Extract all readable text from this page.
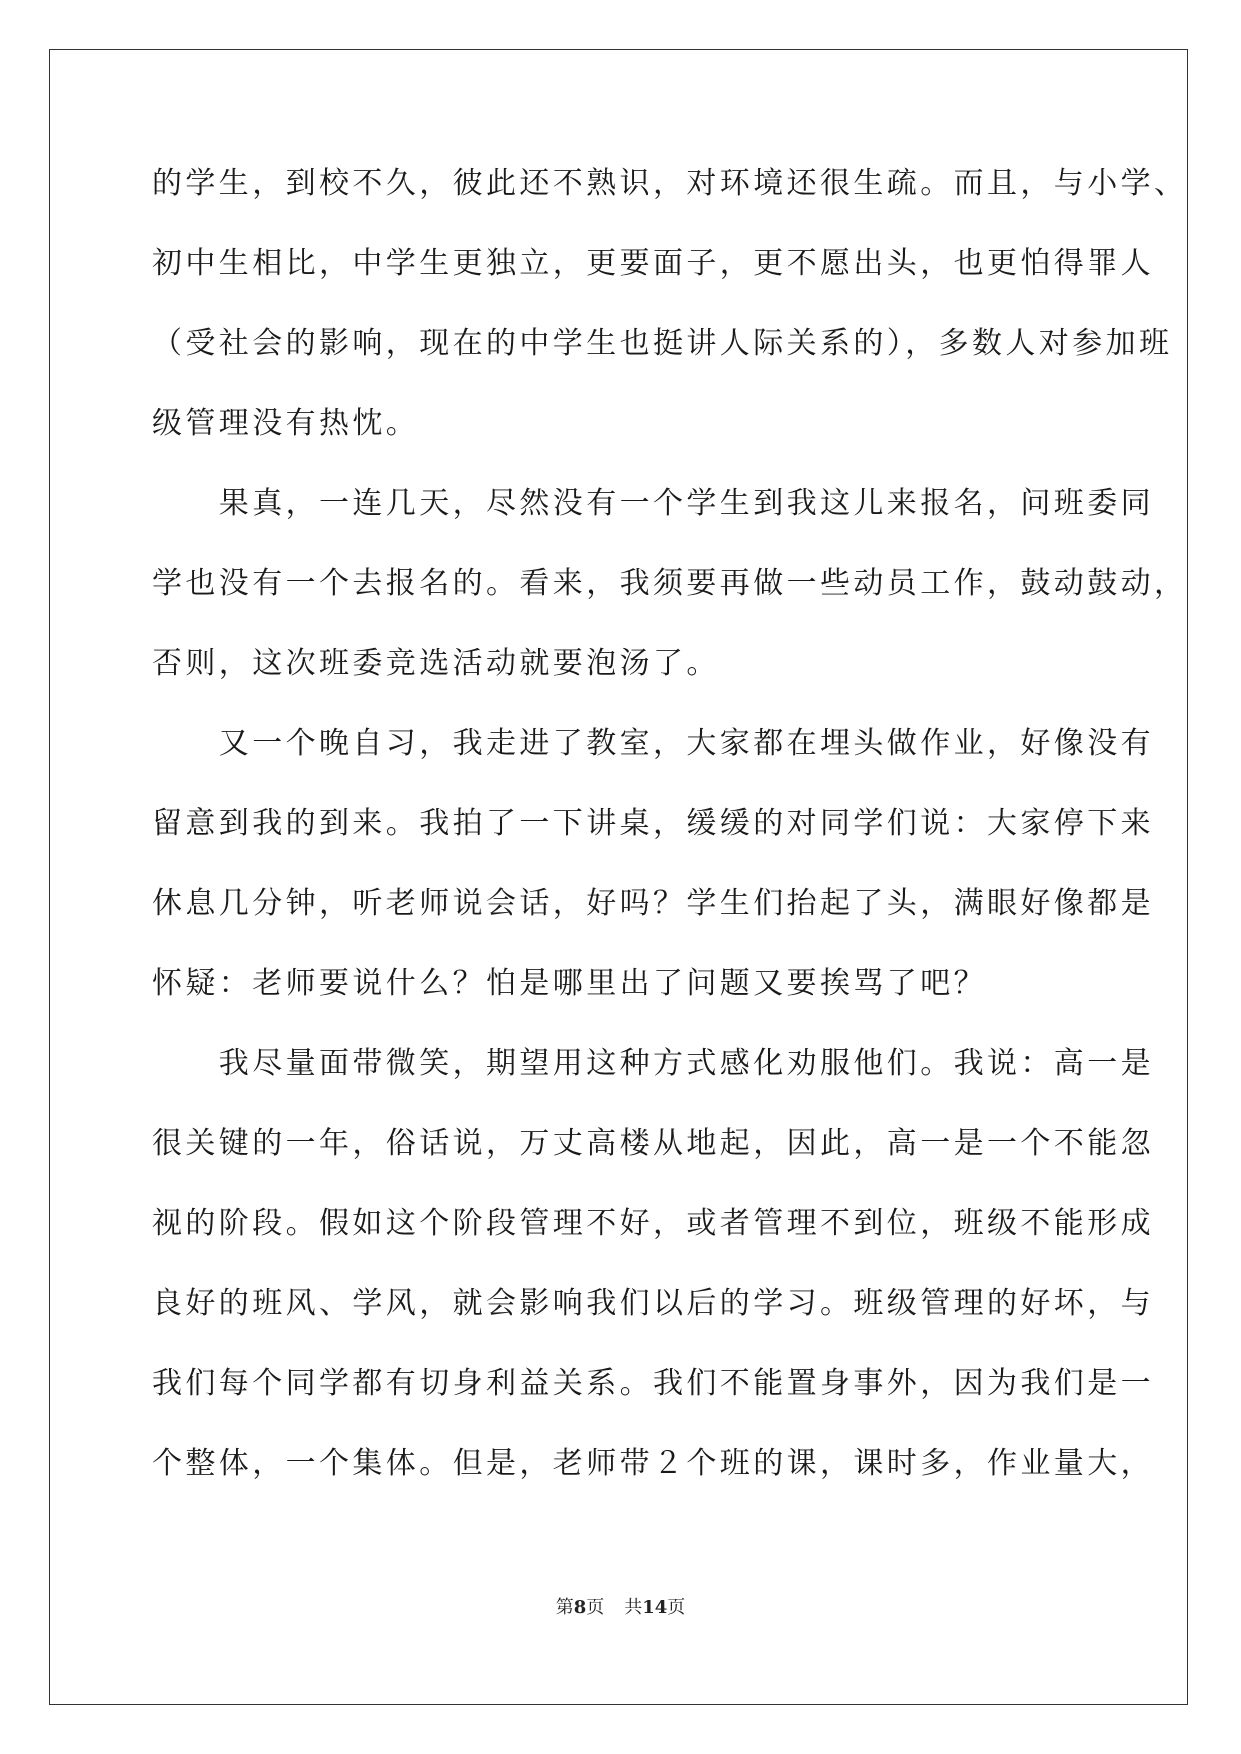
的学生，到校不久，彼此还不熟识，对环境还很生疏。而且，与小学、
初中生相比，中学生更独立，更要面子，更不愿出头，也更怕得罪人
（受社会的影响，现在的中学生也挺讲人际关系的），多数人对参加班
级管理没有热忱。
　　果真，一连几天，尽然没有一个学生到我这儿来报名，问班委同
学也没有一个去报名的。看来，我须要再做一些动员工作，鼓动鼓动，
否则，这次班委竞选活动就要泡汤了。
　　又一个晚自习，我走进了教室，大家都在埋头做作业，好像没有
留意到我的到来。我拍了一下讲桌，缓缓的对同学们说：大家停下来
休息几分钟，听老师说会话，好吗？学生们抬起了头，满眼好像都是
怀疑：老师要说什么？怕是哪里出了问题又要挨骂了吧？
　　我尽量面带微笑，期望用这种方式感化劝服他们。我说：高一是
很关键的一年，俗话说，万丈高楼从地起，因此，高一是一个不能忽
视的阶段。假如这个阶段管理不好，或者管理不到位，班级不能形成
良好的班风、学风，就会影响我们以后的学习。班级管理的好坏，与
我们每个同学都有切身利益关系。我们不能置身事外，因为我们是一
个整体，一个集体。但是，老师带２个班的课，课时多，作业量大，
第8页 共14页
